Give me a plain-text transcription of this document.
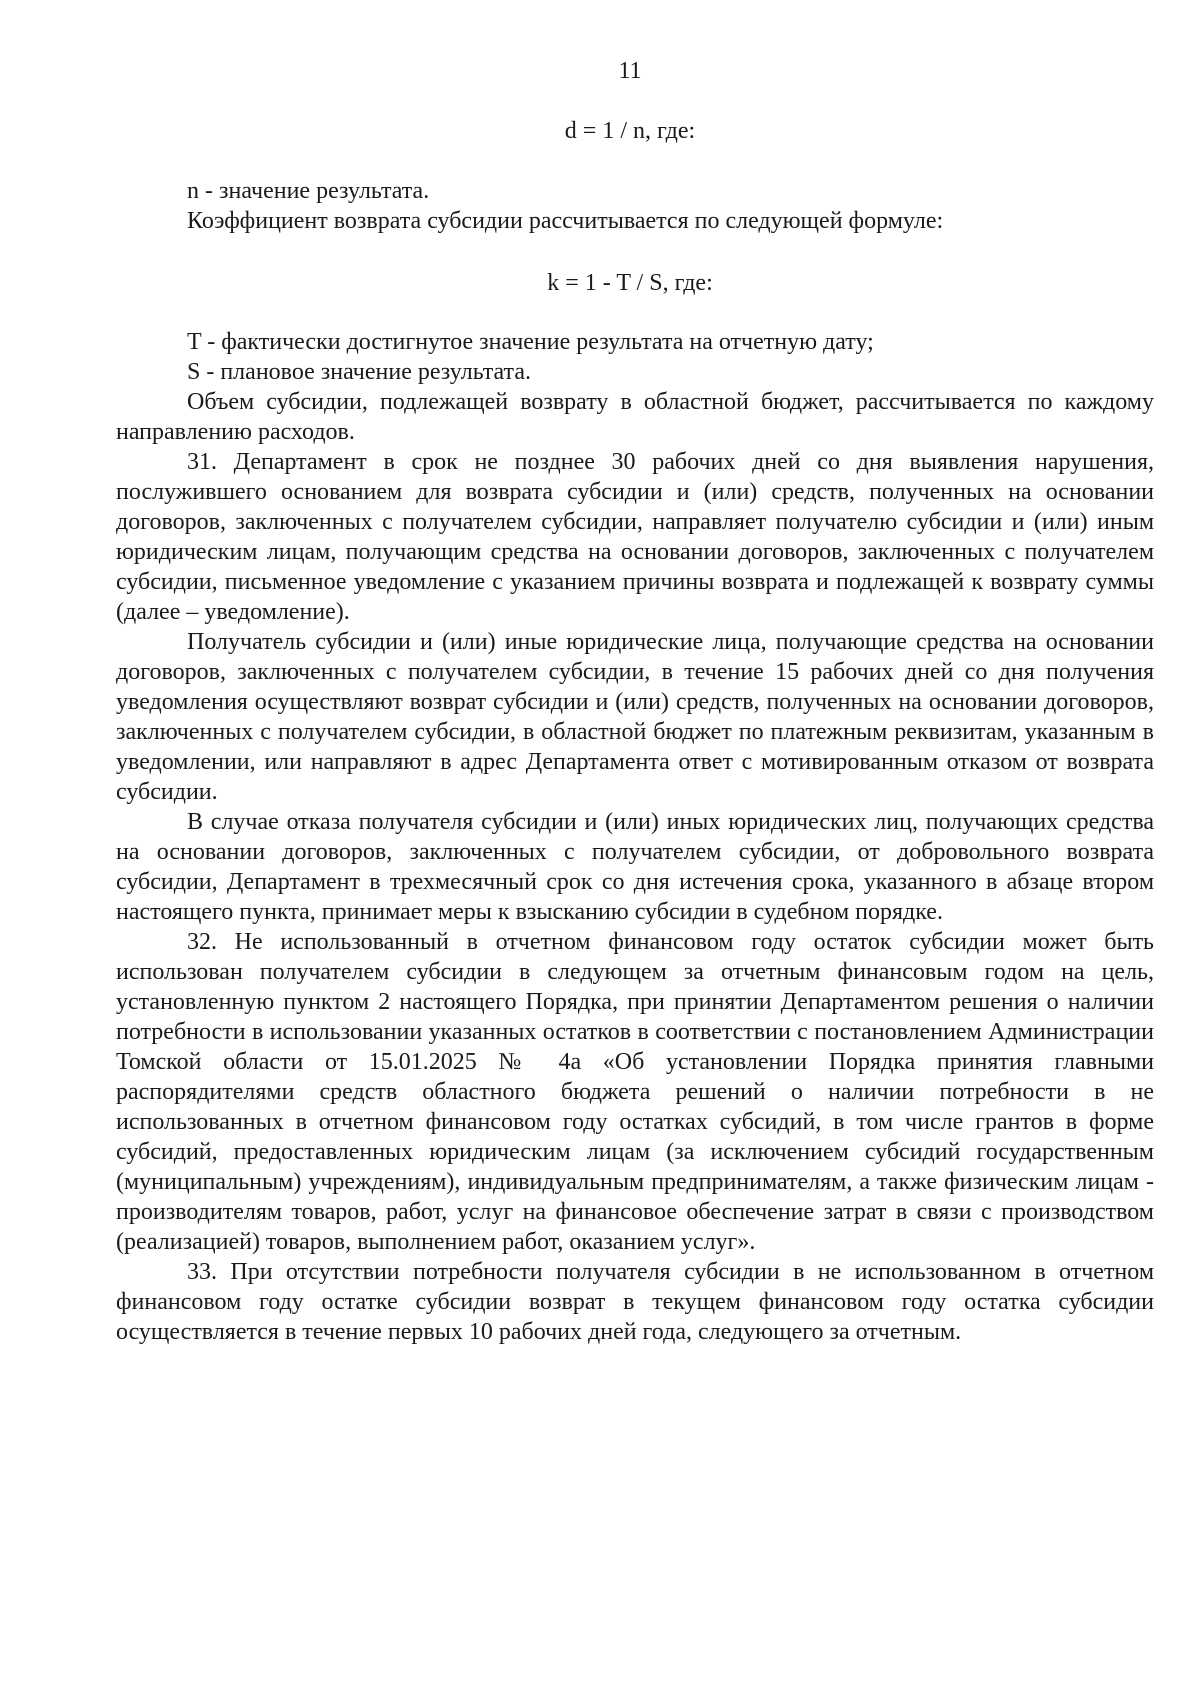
11
d = 1 / n, где:

n - значение результата.

Коэффициент возврата субсидии рассчитывается по следующей формуле:

k = 1 - T / S, где:

T - фактически достигнутое значение результата на отчетную дату;

S - плановое значение результата.

Объем субсидии, подлежащей возврату в областной бюджет, рассчитывается по каждому направлению расходов.

31. Департамент в срок не позднее 30 рабочих дней со дня выявления нарушения, послужившего основанием для возврата субсидии и (или) средств, полученных на основании договоров, заключенных с получателем субсидии, направляет получателю субсидии и (или) иным юридическим лицам, получающим средства на основании договоров, заключенных с получателем субсидии, письменное уведомление с указанием причины возврата и подлежащей к возврату суммы (далее – уведомление).

Получатель субсидии и (или) иные юридические лица, получающие средства на основании договоров, заключенных с получателем субсидии, в течение 15 рабочих дней со дня получения уведомления осуществляют возврат субсидии и (или) средств, полученных на основании договоров, заключенных с получателем субсидии, в областной бюджет по платежным реквизитам, указанным в уведомлении, или направляют в адрес Департамента ответ с мотивированным отказом от возврата субсидии.

В случае отказа получателя субсидии и (или) иных юридических лиц, получающих средства на основании договоров, заключенных с получателем субсидии, от добровольного возврата субсидии, Департамент в трехмесячный срок со дня истечения срока, указанного в абзаце втором настоящего пункта, принимает меры к взысканию субсидии в судебном порядке.

32. Не использованный в отчетном финансовом году остаток субсидии может быть использован получателем субсидии в следующем за отчетным финансовым годом на цель, установленную пунктом 2 настоящего Порядка, при принятии Департаментом решения о наличии потребности в использовании указанных остатков в соответствии с постановлением Администрации Томской области от 15.01.2025 № 4а «Об установлении Порядка принятия главными распорядителями средств областного бюджета решений о наличии потребности в не использованных в отчетном финансовом году остатках субсидий, в том числе грантов в форме субсидий, предоставленных юридическим лицам (за исключением субсидий государственным (муниципальным) учреждениям), индивидуальным предпринимателям, а также физическим лицам - производителям товаров, работ, услуг на финансовое обеспечение затрат в связи с производством (реализацией) товаров, выполнением работ, оказанием услуг».

33. При отсутствии потребности получателя субсидии в не использованном в отчетном финансовом году остатке субсидии возврат в текущем финансовом году остатка субсидии осуществляется в течение первых 10 рабочих дней года, следующего за отчетным.
